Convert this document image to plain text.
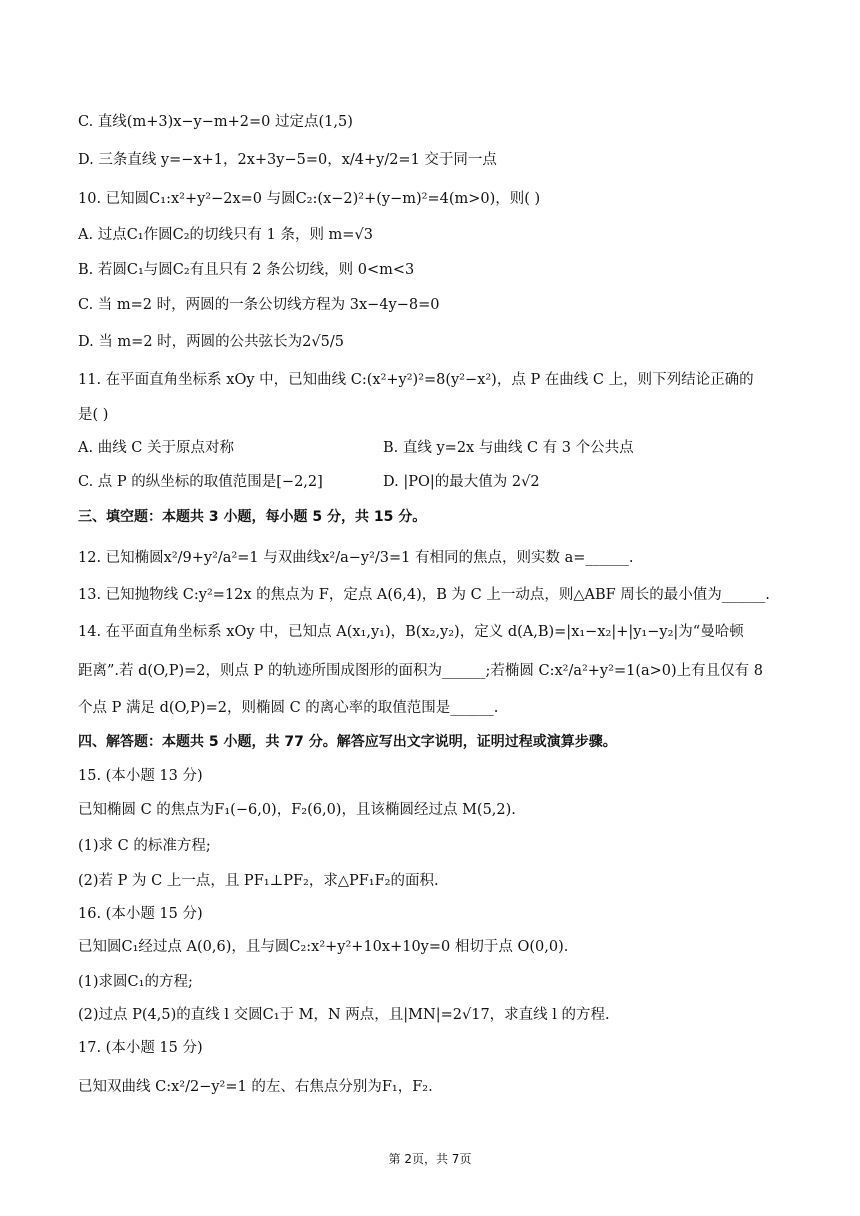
C. 直线(m+3)x−y−m+2=0 过定点(1,5)
D. 三条直线 y=−x+1，2x+3y−5=0，x/4+y/2=1 交于同一点
10. 已知圆C₁:x²+y²−2x=0 与圆C₂:(x−2)²+(y−m)²=4(m>0)，则( )
A. 过点C₁作圆C₂的切线只有 1 条，则 m=√3
B. 若圆C₁与圆C₂有且只有 2 条公切线，则 0<m<3
C. 当 m=2 时，两圆的一条公切线方程为 3x−4y−8=0
D. 当 m=2 时，两圆的公共弦长为2√5/5
11. 在平面直角坐标系 xOy 中，已知曲线 C:(x²+y²)²=8(y²−x²)，点 P 在曲线 C 上，则下列结论正确的
是( )
A. 曲线 C 关于原点对称	B. 直线 y=2x 与曲线 C 有 3 个公共点
C. 点 P 的纵坐标的取值范围是[−2,2]	D. |PO|的最大值为 2√2
三、填空题：本题共 3 小题，每小题 5 分，共 15 分。
12. 已知椭圆x²/9+y²/a²=1 与双曲线x²/a−y²/3=1 有相同的焦点，则实数 a=______.
13. 已知抛物线 C:y²=12x 的焦点为 F，定点 A(6,4)，B 为 C 上一动点，则△ABF 周长的最小值为______.
14. 在平面直角坐标系 xOy 中，已知点 A(x₁,y₁)，B(x₂,y₂)，定义 d(A,B)=|x₁−x₂|+|y₁−y₂|为“曼哈顿
距离”.若 d(O,P)=2，则点 P 的轨迹所围成图形的面积为______;若椭圆 C:x²/a²+y²=1(a>0)上有且仅有 8
个点 P 满足 d(O,P)=2，则椭圆 C 的离心率的取值范围是______.
四、解答题：本题共 5 小题，共 77 分。解答应写出文字说明，证明过程或演算步骤。
15. (本小题 13 分)
已知椭圆 C 的焦点为F₁(−6,0)，F₂(6,0)，且该椭圆经过点 M(5,2).
(1)求 C 的标准方程;
(2)若 P 为 C 上一点，且 PF₁⊥PF₂，求△PF₁F₂的面积.
16. (本小题 15 分)
已知圆C₁经过点 A(0,6)，且与圆C₂:x²+y²+10x+10y=0 相切于点 O(0,0).
(1)求圆C₁的方程;
(2)过点 P(4,5)的直线 l 交圆C₁于 M，N 两点，且|MN|=2√17，求直线 l 的方程.
17. (本小题 15 分)
已知双曲线 C:x²/2−y²=1 的左、右焦点分别为F₁，F₂.
第 2页，共 7页
